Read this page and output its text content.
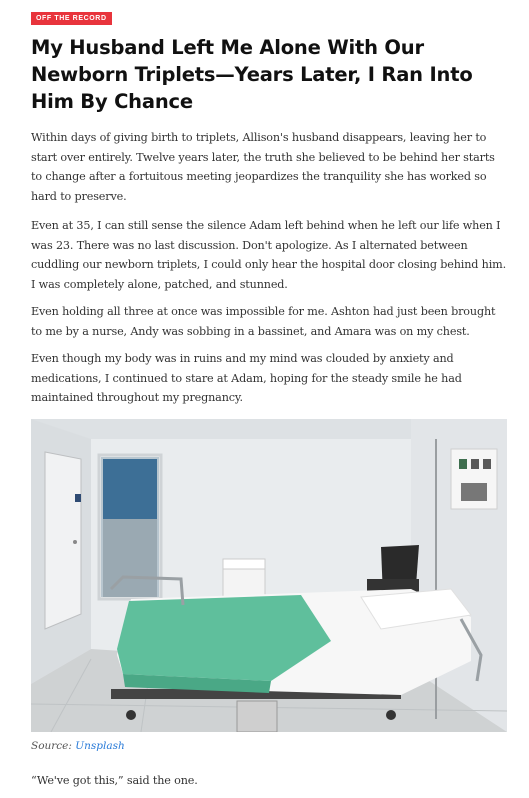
OFF THE RECORD
My Husband Left Me Alone With Our Newborn Triplets—Years Later, I Ran Into Him By Chance

Within days of giving birth to triplets, Allison's husband disappears, leaving her to start over entirely. Twelve years later, the truth she believed to be behind her starts to change after a fortuitous meeting jeopardizes the tranquility she has worked so hard to preserve.

Even at 35, I can still sense the silence Adam left behind when he left our life when I was 23. There was no last discussion. Don't apologize. As I alternated between cuddling our newborn triplets, I could only hear the hospital door closing behind him. I was completely alone, patched, and stunned.

Even holding all three at once was impossible for me. Ashton had just been brought to me by a nurse, Andy was sobbing in a bassinet, and Amara was on my chest.

Even though my body was in ruins and my mind was clouded by anxiety and medications, I continued to stare at Adam, hoping for the steady smile he had maintained throughout my pregnancy.

Source: Unsplash

“We've got this,” said the one.
